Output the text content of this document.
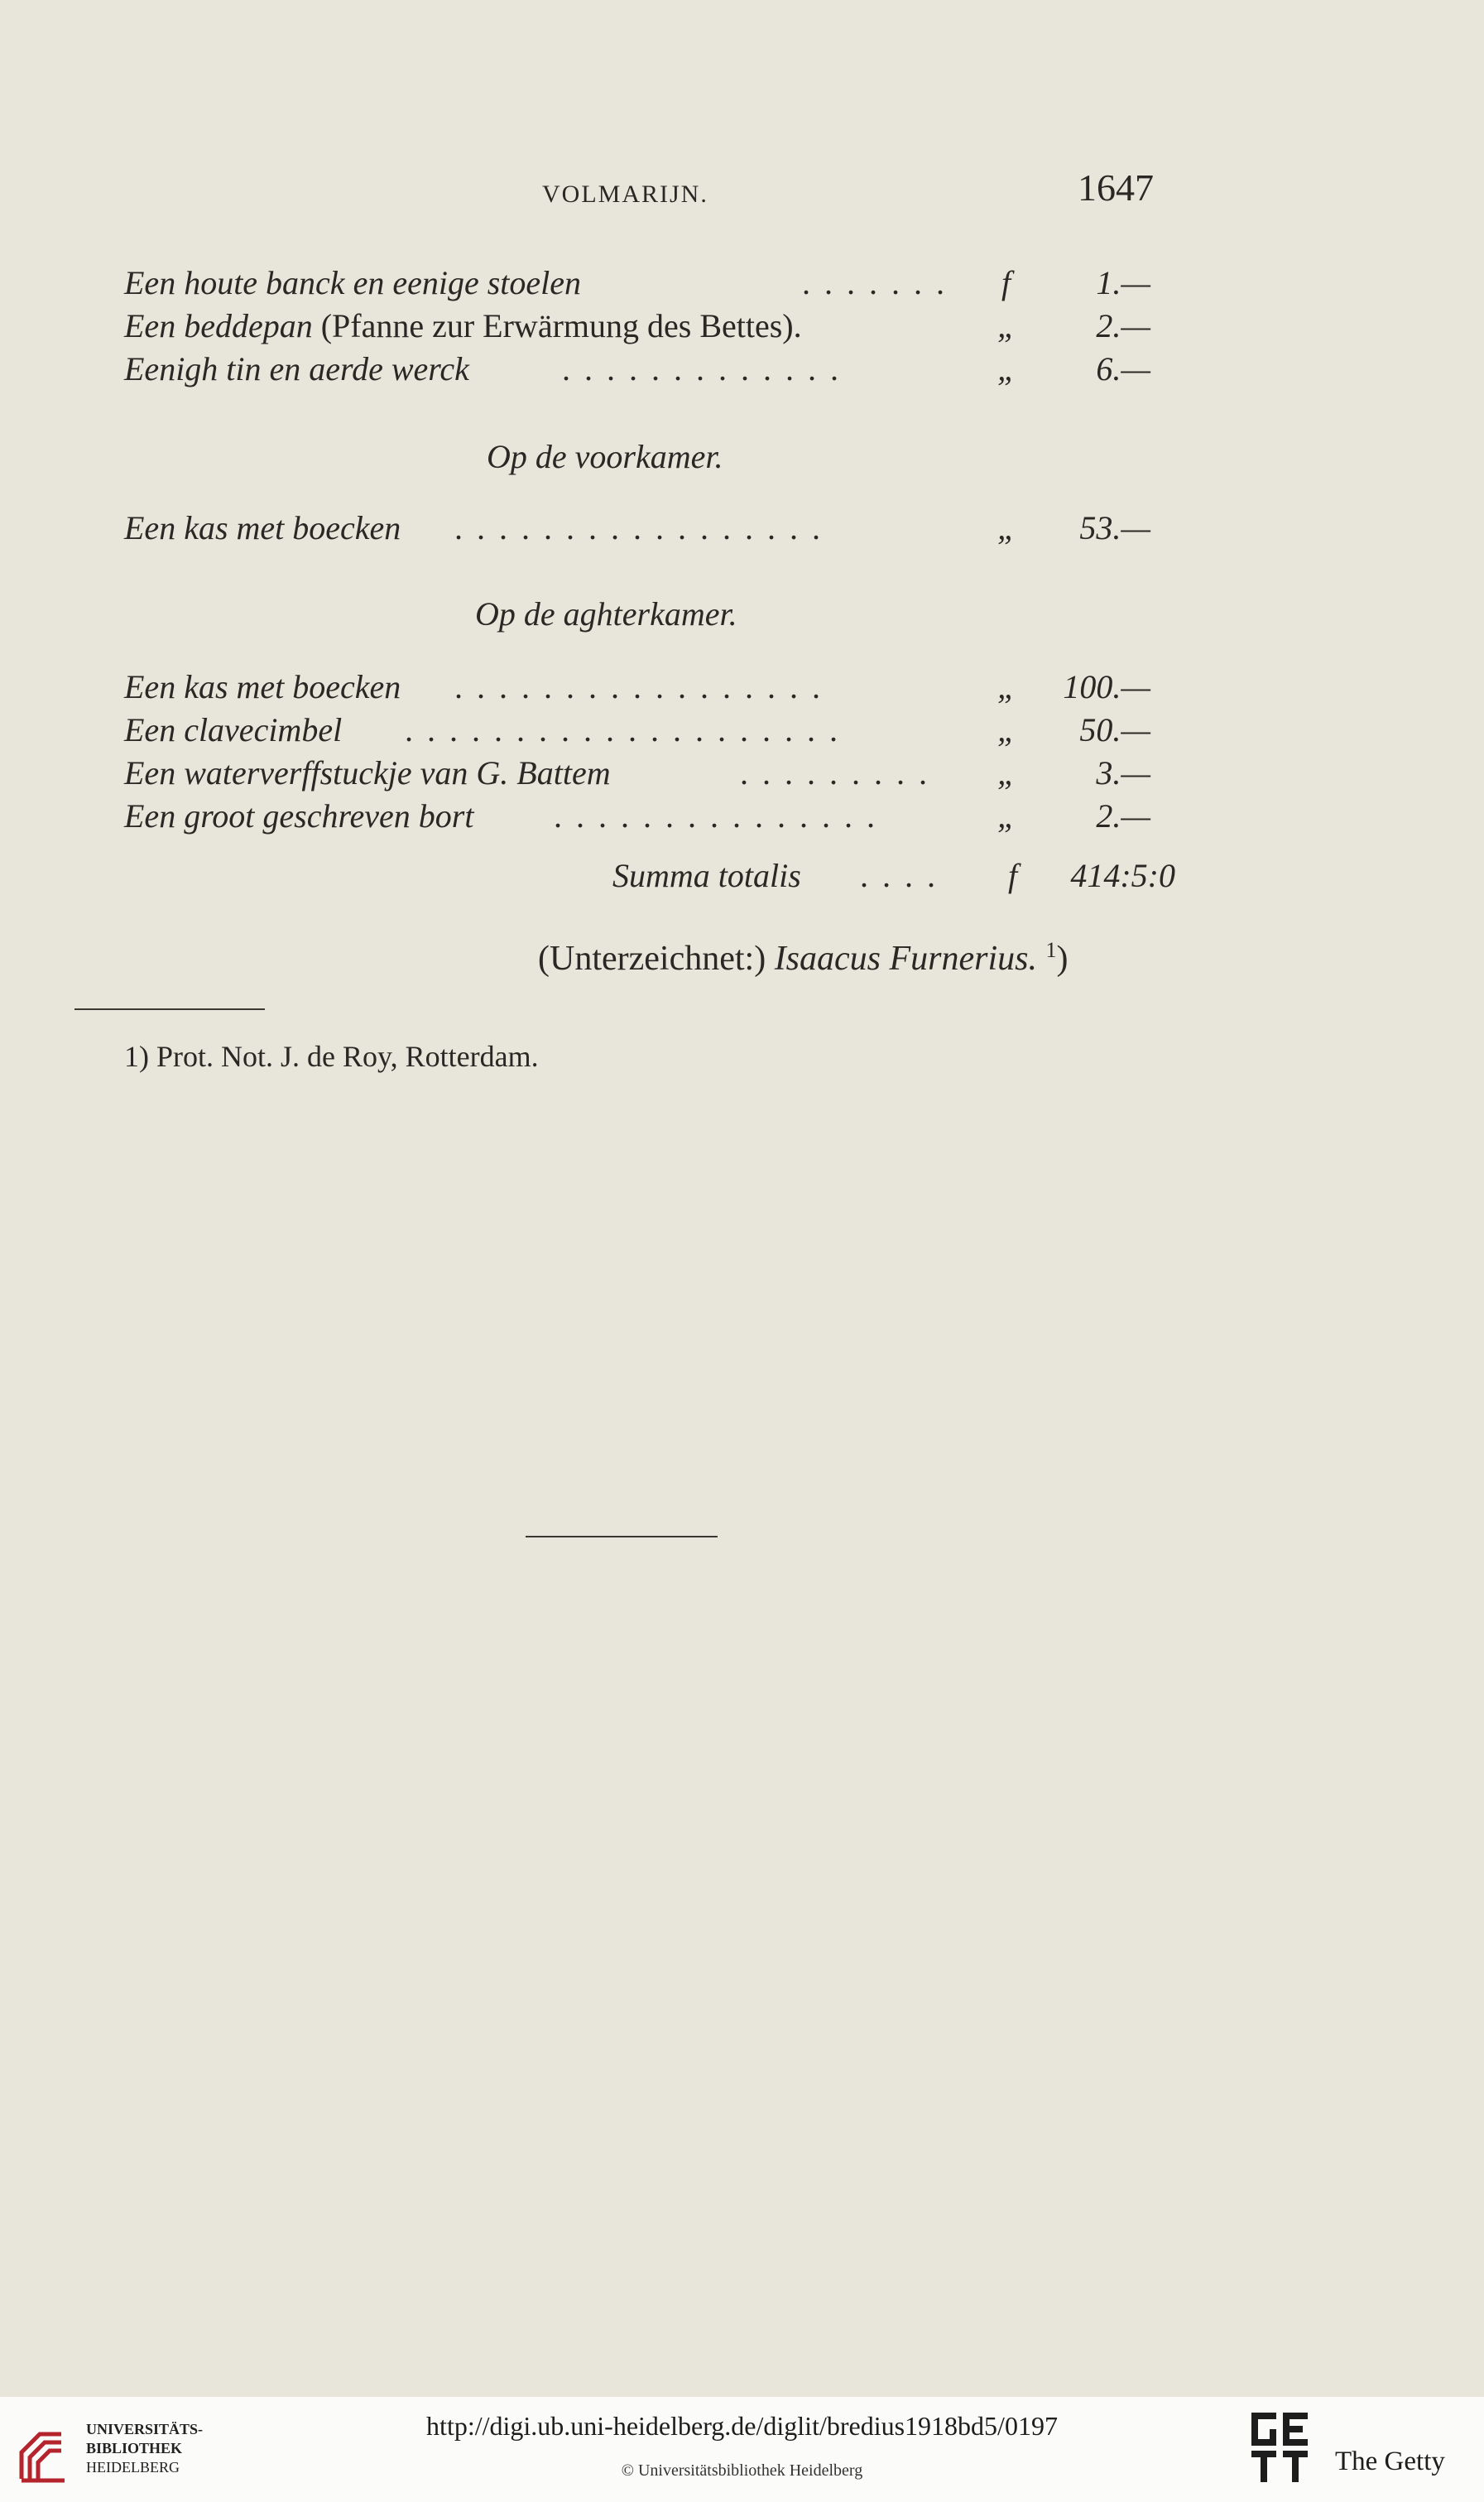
VOLMARIJN.	1647
Een houte banck en eenige stoelen	.......	f	1.—
Een beddepan (Pfanne zur Erwärmung des Bettes).	„ 2.—
Eenigh tin en aerde werck	.............	„ 6.—
Op de voorkamer.
Een kas met boecken .................	„ 53.—
Op de aghterkamer.
Een kas met boecken .................	„ 100.—
Een clavecimbel ....................	„ 50.—
Een waterverffstuckje van G. Battem	.........	„ 3.—
Een groot geschreven bort ...............	„ 2.—
Summa totalis ....	f 414:5:0
(Unterzeichnet:) Isaacus Furnerius. $^1$)
1) Prot. Not. J. de Roy, Rotterdam.
UNIVERSITÄTS-
BIBLIOTHEK
HEIDELBERG
http://digi.ub.uni-heidelberg.de/diglit/bredius1918bd5/0197
© Universitätsbibliothek Heidelberg	The Getty
